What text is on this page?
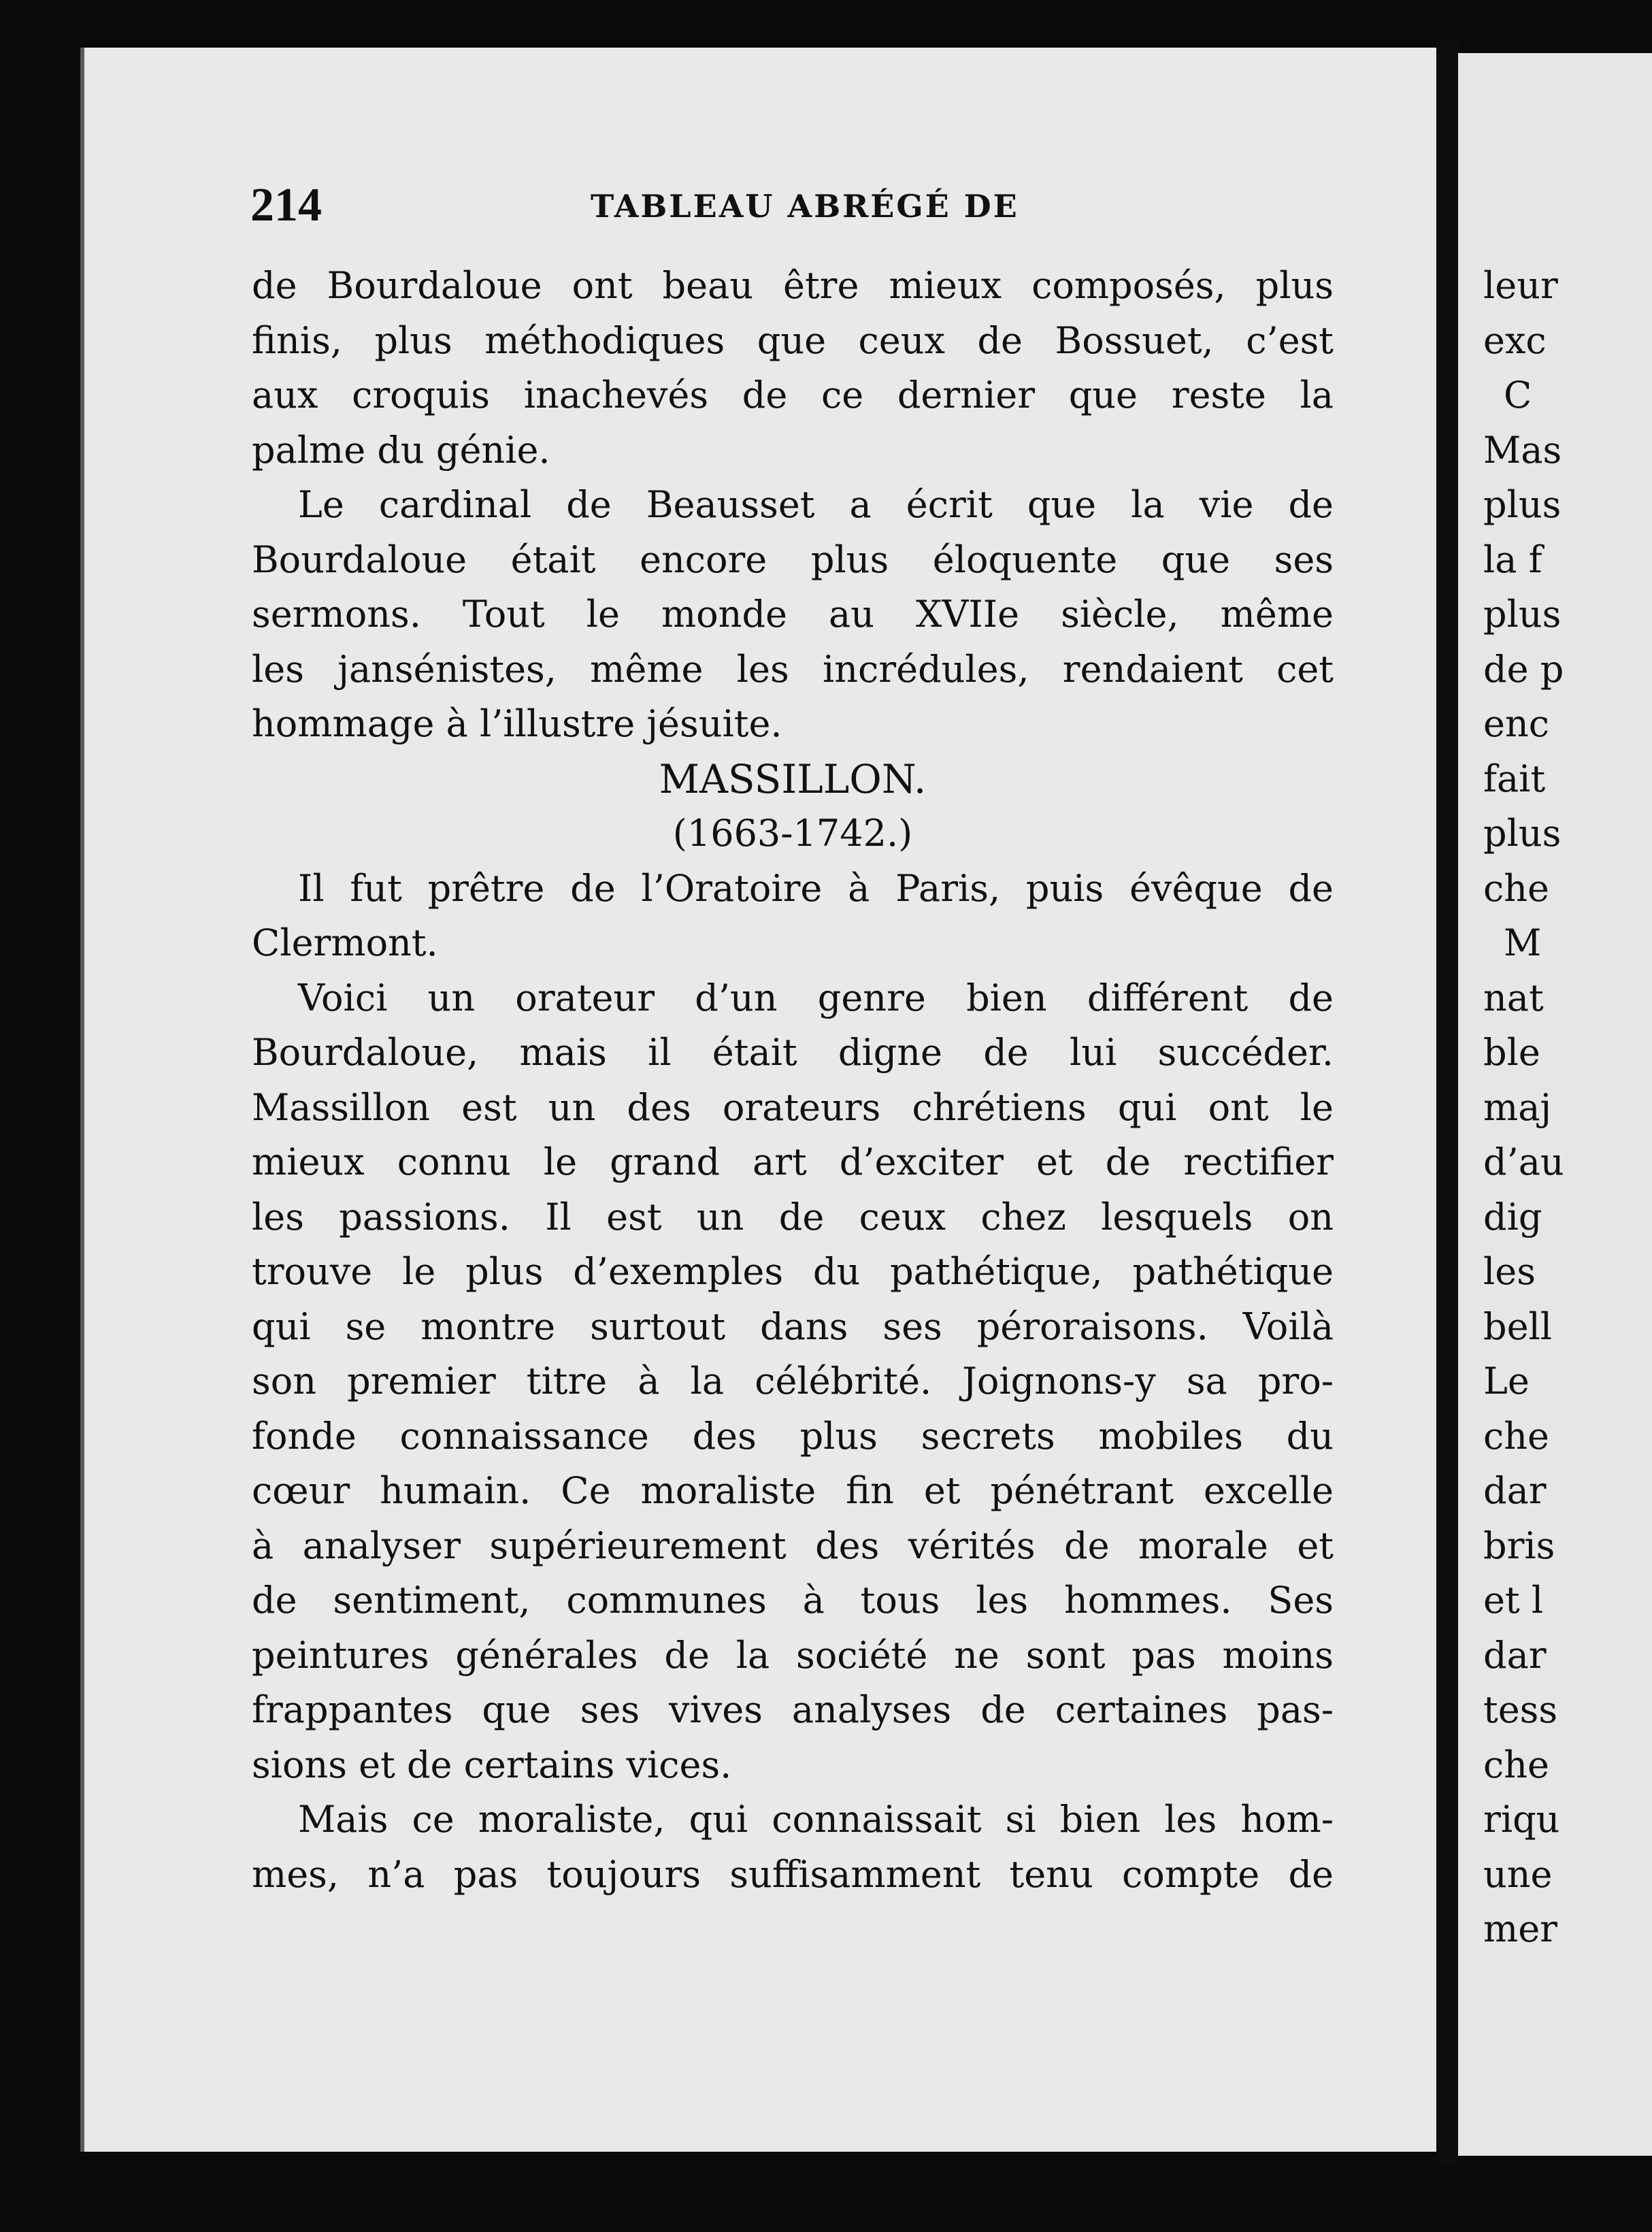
214	TABLEAU ABRÉGÉ DE
de Bourdaloue ont beau être mieux composés, plus
finis, plus méthodiques que ceux de Bossuet, c’est
aux croquis inachevés de ce dernier que reste la
palme du génie.
Le cardinal de Beausset a écrit que la vie de
Bourdaloue était encore plus éloquente que ses
sermons. Tout le monde au XVIIe siècle, même
les jansénistes, même les incrédules, rendaient cet
hommage à l’illustre jésuite.

MASSILLON.

(1663-1742.)

Il fut prêtre de l’Oratoire à Paris, puis évêque de
Clermont.
Voici un orateur d’un genre bien différent de
Bourdaloue, mais il était digne de lui succéder.
Massillon est un des orateurs chrétiens qui ont le
mieux connu le grand art d’exciter et de rectifier
les passions. Il est un de ceux chez lesquels on
trouve le plus d’exemples du pathétique, pathétique
qui se montre surtout dans ses péroraisons. Voilà
son premier titre à la célébrité. Joignons-y sa pro-
fonde connaissance des plus secrets mobiles du
cœur humain. Ce moraliste fin et pénétrant excelle
à analyser supérieurement des vérités de morale et
de sentiment, communes à tous les hommes. Ses
peintures générales de la société ne sont pas moins
frappantes que ses vives analyses de certaines pas-
sions et de certains vices.
Mais ce moraliste, qui connaissait si bien les hom-
mes, n’a pas toujours suffisamment tenu compte de
leur
exc
C
Mas
plus
la f
plus
de p
enc
fait
plus
che
M
nat
ble
maj
d’au
dig
les
bell
Le
che
dar
bris
et l
dar
tess
che
riqu
une
mer
